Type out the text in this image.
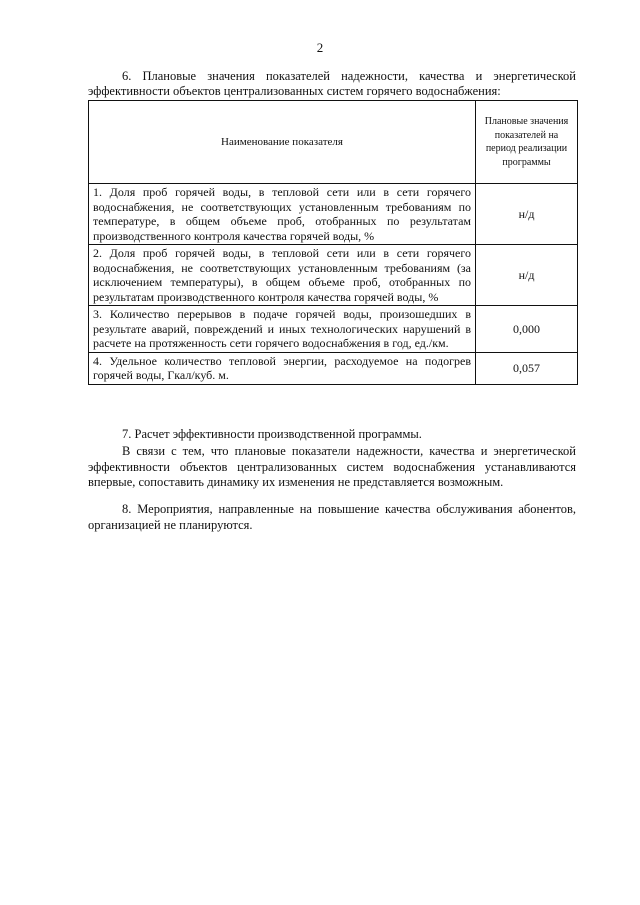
2
6. Плановые значения показателей надежности, качества и энергетической эффективности объектов централизованных систем горячего водоснабжения:
Наименование показателя	Плановые значения показателей на период реализации программы
1. Доля проб горячей воды, в тепловой сети или в сети горячего водоснабжения, не соответствующих установленным требованиям по температуре, в общем объеме проб, отобранных по результатам производственного контроля качества горячей воды, %	н/д
2. Доля проб горячей воды, в тепловой сети или в сети горячего водоснабжения, не соответствующих установленным требованиям (за исключением температуры), в общем объеме проб, отобранных по результатам производственного контроля качества горячей воды, %	н/д
3. Количество перерывов в подаче горячей воды, произошедших в результате аварий, повреждений и иных технологических нарушений в расчете на протяженность сети горячего водоснабжения в год, ед./км.	0,000
4. Удельное количество тепловой энергии, расходуемое на подогрев горячей воды, Гкал/куб. м.	0,057
7. Расчет эффективности производственной программы.
В связи с тем, что плановые показатели надежности, качества и энергетической эффективности объектов централизованных систем водоснабжения устанавливаются впервые, сопоставить динамику их изменения не представляется возможным.
8. Мероприятия, направленные на повышение качества обслуживания абонентов, организацией не планируются.
